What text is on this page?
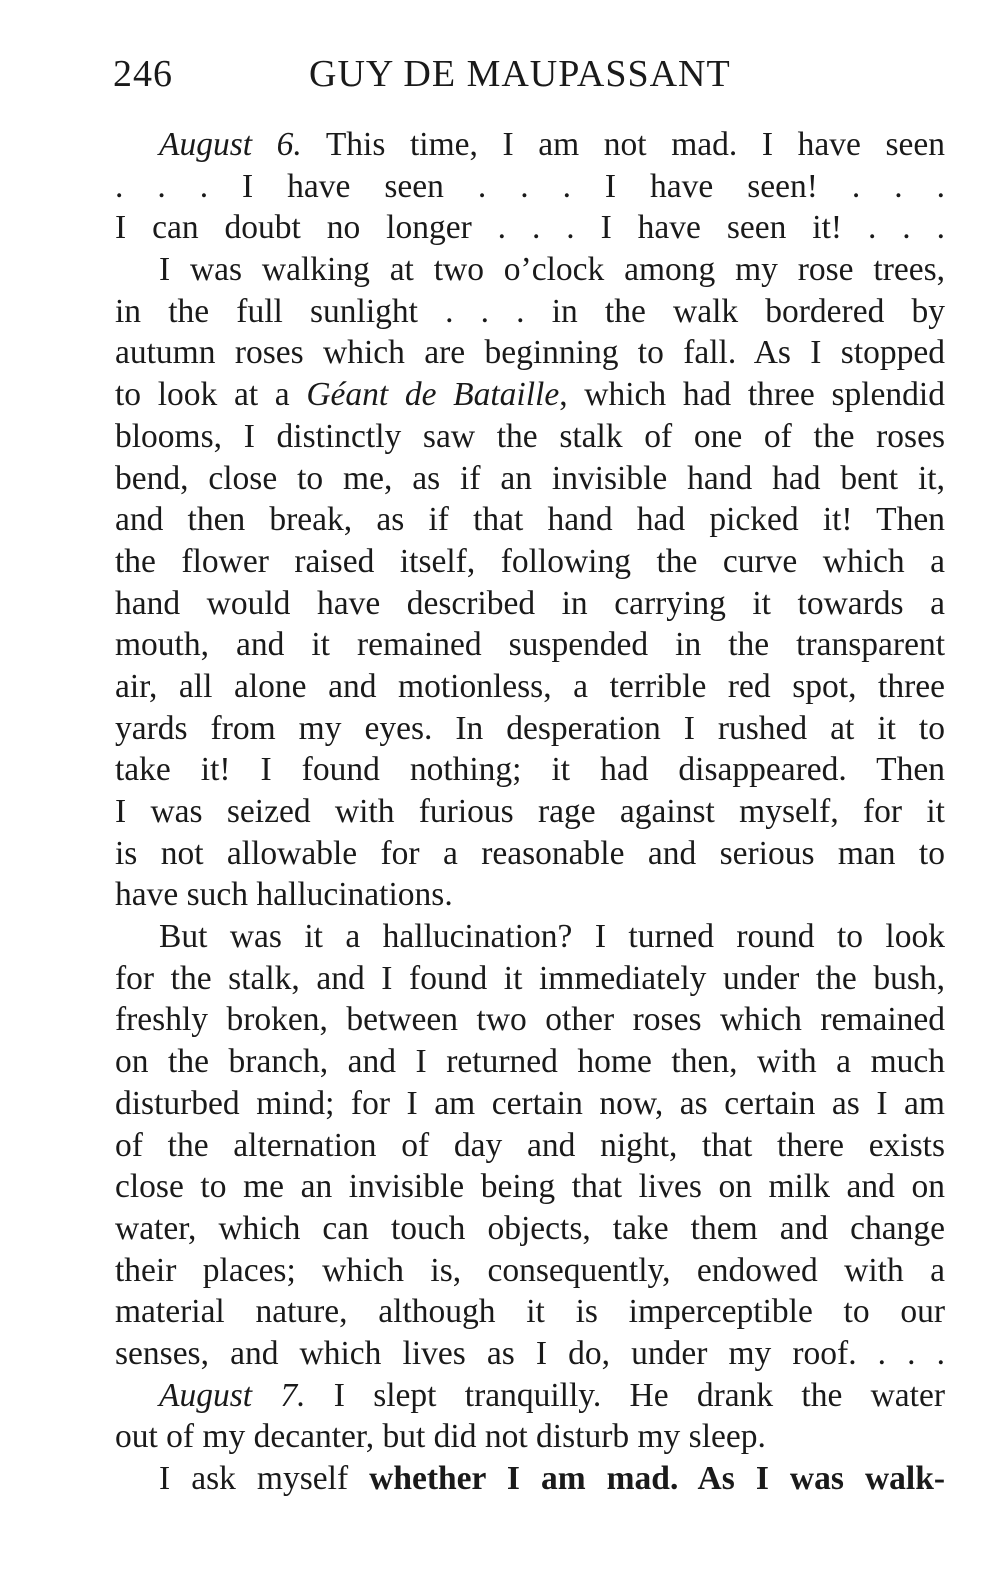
246	GUY DE MAUPASSANT
August 6. This time, I am not mad. I have seen
. . . I have seen . . . I have seen! . . .
I can doubt no longer . . . I have seen it! . . .
I was walking at two o’clock among my rose trees,
in the full sunlight . . . in the walk bordered by
autumn roses which are beginning to fall. As I stopped
to look at a Géant de Bataille, which had three splendid
blooms, I distinctly saw the stalk of one of the roses
bend, close to me, as if an invisible hand had bent it,
and then break, as if that hand had picked it! Then
the flower raised itself, following the curve which a
hand would have described in carrying it towards a
mouth, and it remained suspended in the transparent
air, all alone and motionless, a terrible red spot, three
yards from my eyes. In desperation I rushed at it to
take it! I found nothing; it had disappeared. Then
I was seized with furious rage against myself, for it
is not allowable for a reasonable and serious man to
have such hallucinations.
But was it a hallucination? I turned round to look
for the stalk, and I found it immediately under the bush,
freshly broken, between two other roses which remained
on the branch, and I returned home then, with a much
disturbed mind; for I am certain now, as certain as I am
of the alternation of day and night, that there exists
close to me an invisible being that lives on milk and on
water, which can touch objects, take them and change
their places; which is, consequently, endowed with a
material nature, although it is imperceptible to our
senses, and which lives as I do, under my roof. . . .
August 7. I slept tranquilly. He drank the water
out of my decanter, but did not disturb my sleep.
I ask myself whether I am mad. As I was walk-
